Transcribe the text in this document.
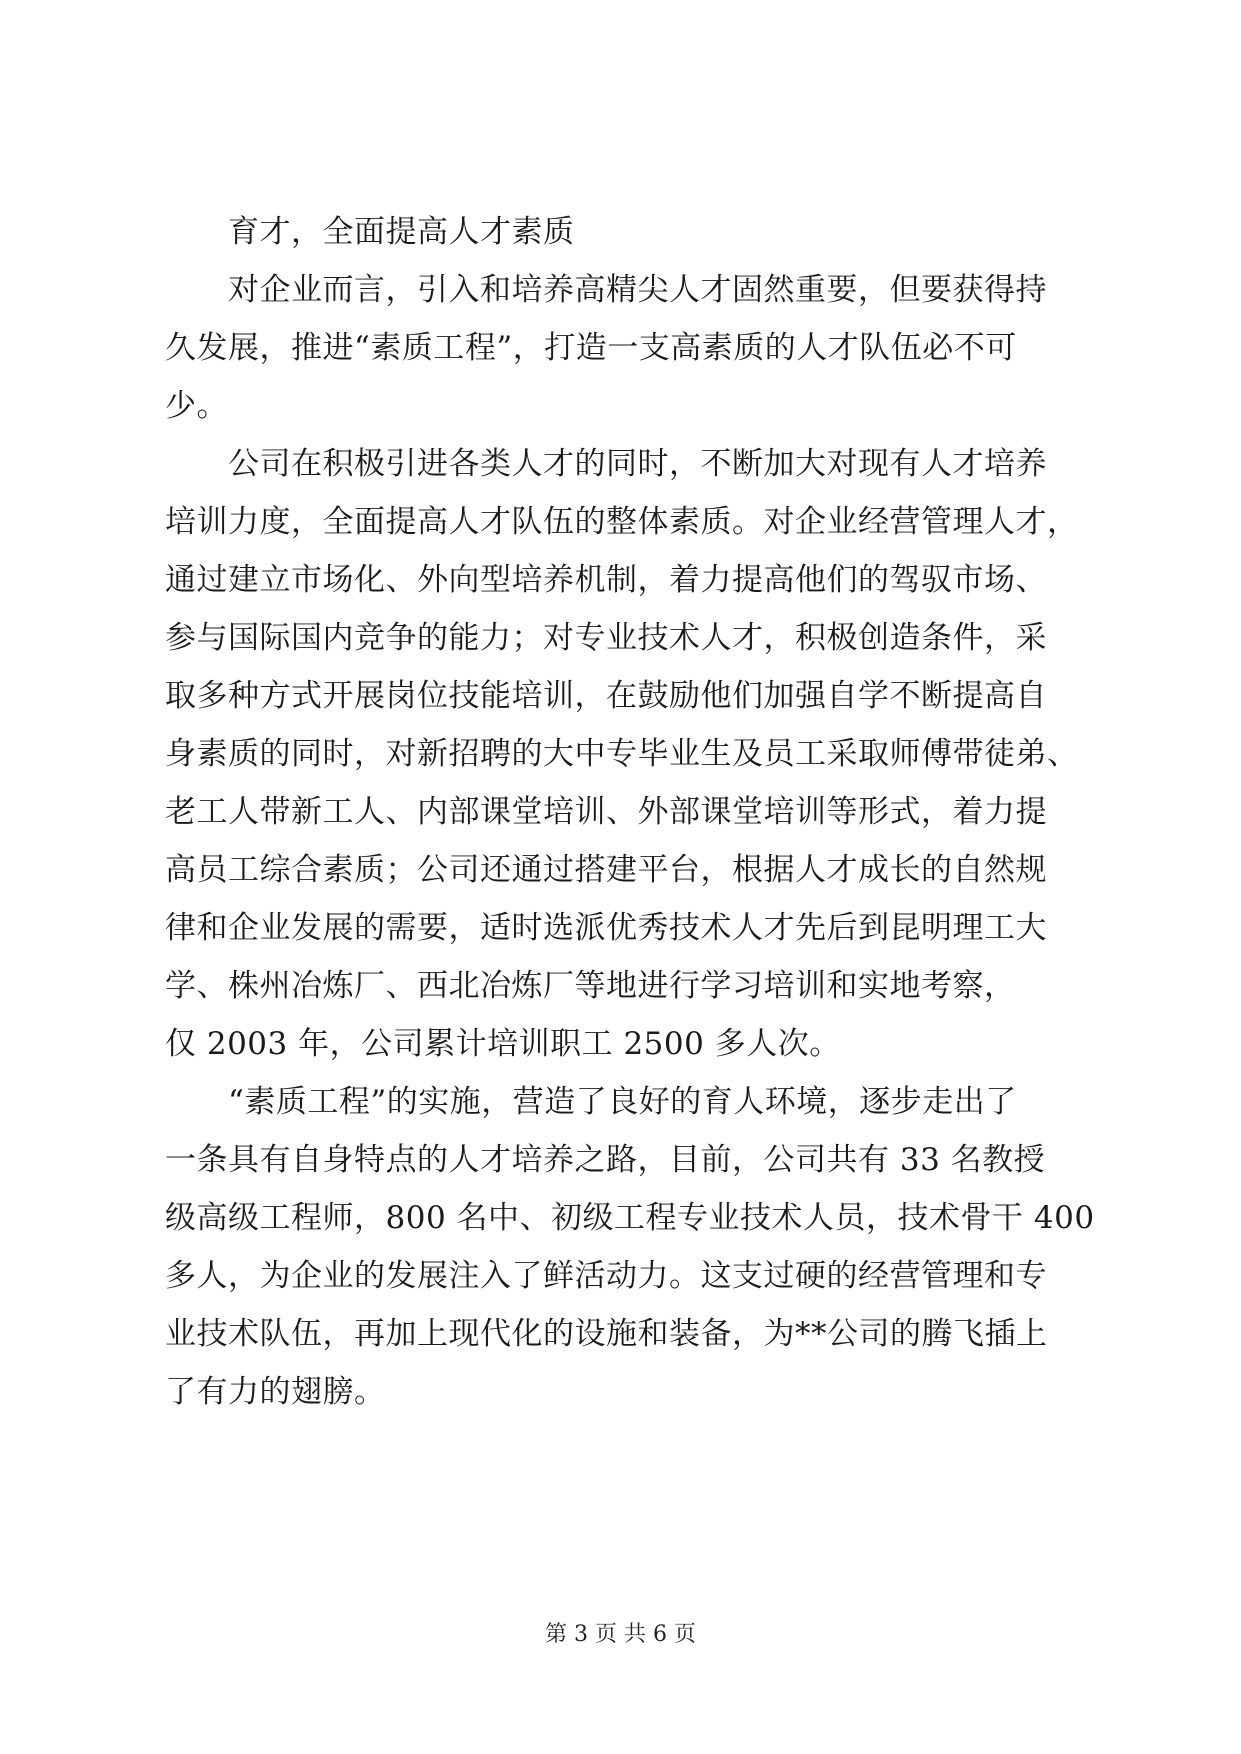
　　育才，全面提高人才素质
　　对企业而言，引入和培养高精尖人才固然重要，但要获得持
久发展，推进“素质工程”，打造一支高素质的人才队伍必不可
少。
　　公司在积极引进各类人才的同时，不断加大对现有人才培养
培训力度，全面提高人才队伍的整体素质。对企业经营管理人才，
通过建立市场化、外向型培养机制，着力提高他们的驾驭市场、
参与国际国内竞争的能力；对专业技术人才，积极创造条件，采
取多种方式开展岗位技能培训，在鼓励他们加强自学不断提高自
身素质的同时，对新招聘的大中专毕业生及员工采取师傅带徒弟、
老工人带新工人、内部课堂培训、外部课堂培训等形式，着力提
高员工综合素质；公司还通过搭建平台，根据人才成长的自然规
律和企业发展的需要，适时选派优秀技术人才先后到昆明理工大
学、株州冶炼厂、西北冶炼厂等地进行学习培训和实地考察，
仅 2003 年，公司累计培训职工 2500 多人次。
　　“素质工程”的实施，营造了良好的育人环境，逐步走出了
一条具有自身特点的人才培养之路，目前，公司共有 33 名教授
级高级工程师，800 名中、初级工程专业技术人员，技术骨干 400
多人，为企业的发展注入了鲜活动力。这支过硬的经营管理和专
业技术队伍，再加上现代化的设施和装备，为**公司的腾飞插上
了有力的翅膀。
第 3 页 共 6 页
